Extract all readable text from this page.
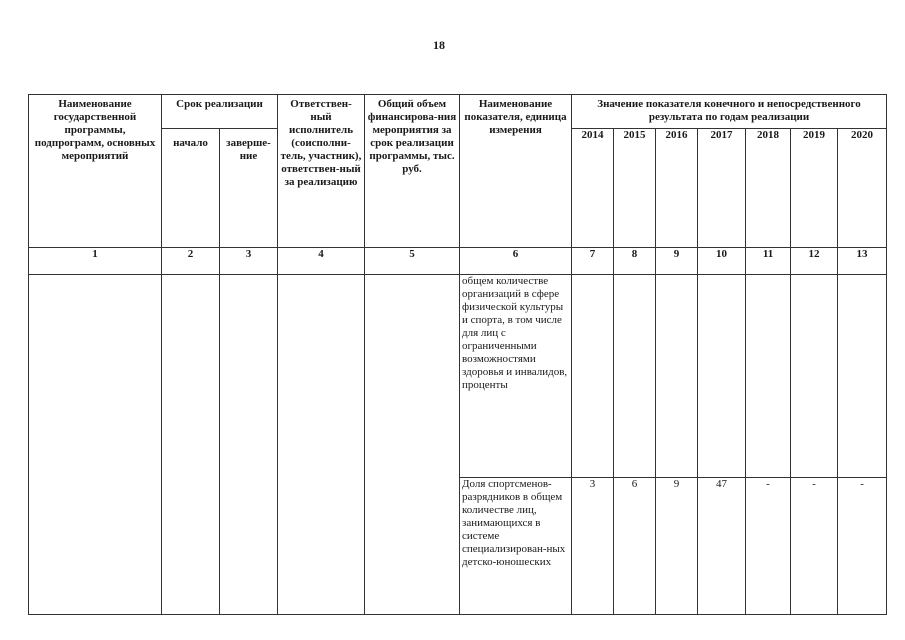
18
Наименование государственной программы, подпрограмм, основных мероприятий	Срок реализации		Ответствен-ный исполнитель (соисполни-тель, участник), ответствен-ный за реализацию	Общий объем финансирова-ния мероприятия за срок реализации программы, тыс. руб.	Наименование показателя, единица измерения	Значение показателя конечного и непосредственного результата по годам реализации						
	начало	заверше-ние				2014	2015	2016	2017	2018	2019	2020
1	2	3	4	5	6	7	8	9	10	11	12	13
					общем количестве организаций в сфере физической культуры и спорта, в том числе для лиц с ограниченными возможностями здоровья и инвалидов, проценты							
					Доля спортсменов-разрядников в общем количестве лиц, занимающихся в системе специализирован-ных детско-юношеских	3	6	9	47	-	-	-
